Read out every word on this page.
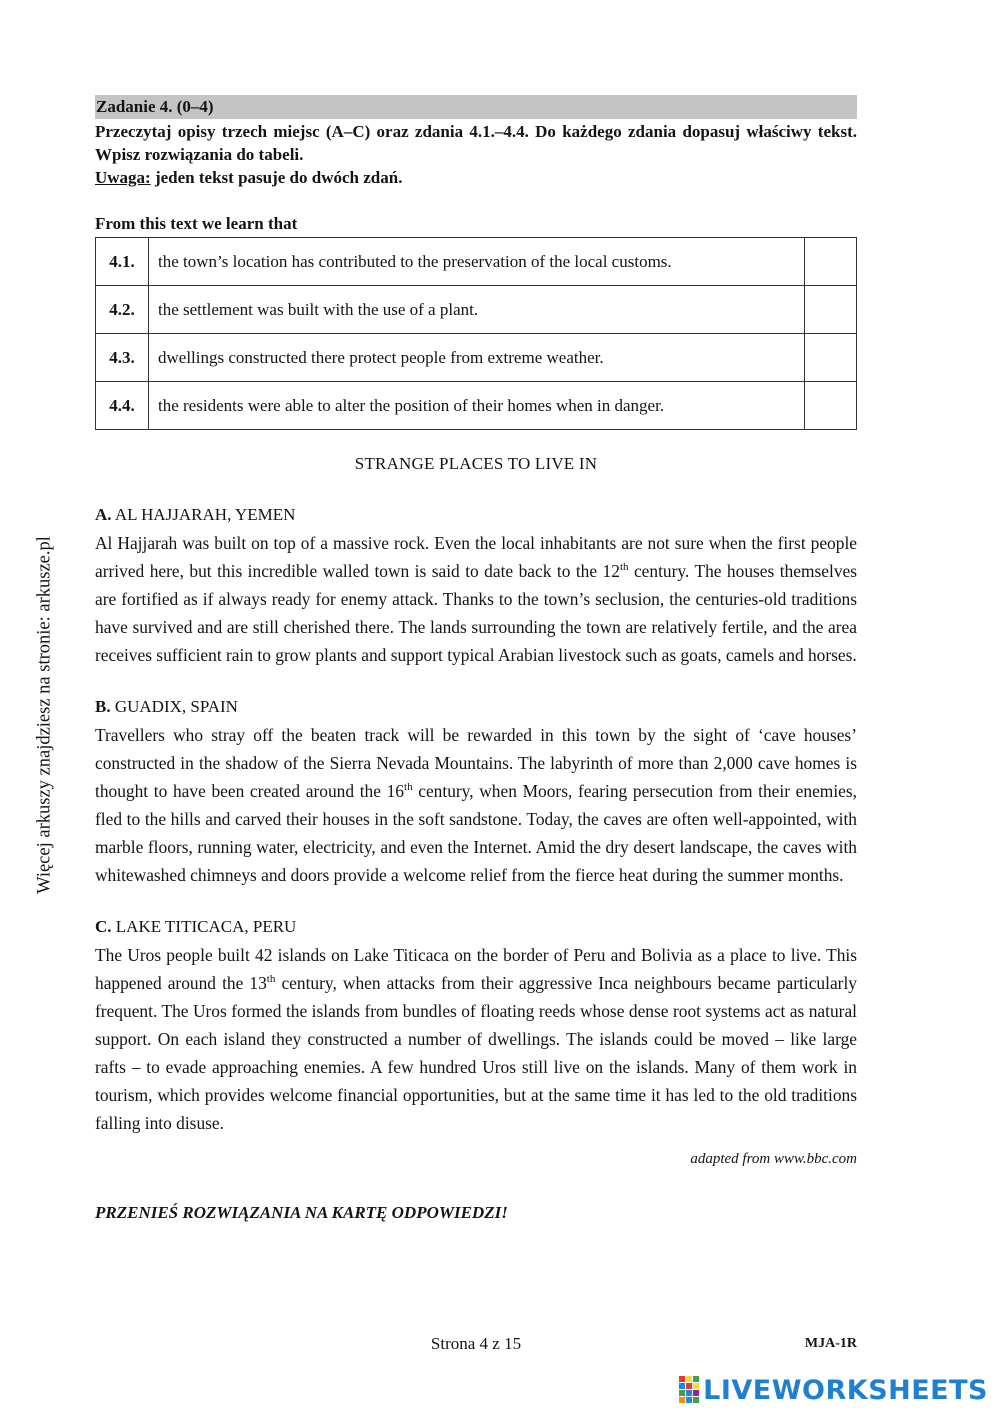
Więcej arkuszy znajdziesz na stronie: arkusze.pl
Zadanie 4. (0–4)
Przeczytaj opisy trzech miejsc (A–C) oraz zdania 4.1.–4.4. Do każdego zdania dopasuj właściwy tekst. Wpisz rozwiązania do tabeli.
Uwaga: jeden tekst pasuje do dwóch zdań.
From this text we learn that
4.1.	the town’s location has contributed to the preservation of the local customs.	
4.2.	the settlement was built with the use of a plant.	
4.3.	dwellings constructed there protect people from extreme weather.	
4.4.	the residents were able to alter the position of their homes when in danger.	
STRANGE PLACES TO LIVE IN
A. AL HAJJARAH, YEMEN
Al Hajjarah was built on top of a massive rock. Even the local inhabitants are not sure when the first people arrived here, but this incredible walled town is said to date back to the 12th century. The houses themselves are fortified as if always ready for enemy attack. Thanks to the town’s seclusion, the centuries-old traditions have survived and are still cherished there. The lands surrounding the town are relatively fertile, and the area receives sufficient rain to grow plants and support typical Arabian livestock such as goats, camels and horses.
B. GUADIX, SPAIN
Travellers who stray off the beaten track will be rewarded in this town by the sight of ‘cave houses’ constructed in the shadow of the Sierra Nevada Mountains. The labyrinth of more than 2,000 cave homes is thought to have been created around the 16th century, when Moors, fearing persecution from their enemies, fled to the hills and carved their houses in the soft sandstone. Today, the caves are often well-appointed, with marble floors, running water, electricity, and even the Internet. Amid the dry desert landscape, the caves with whitewashed chimneys and doors provide a welcome relief from the fierce heat during the summer months.
C. LAKE TITICACA, PERU
The Uros people built 42 islands on Lake Titicaca on the border of Peru and Bolivia as a place to live. This happened around the 13th century, when attacks from their aggressive Inca neighbours became particularly frequent. The Uros formed the islands from bundles of floating reeds whose dense root systems act as natural support. On each island they constructed a number of dwellings. The islands could be moved – like large rafts – to evade approaching enemies. A few hundred Uros still live on the islands. Many of them work in tourism, which provides welcome financial opportunities, but at the same time it has led to the old traditions falling into disuse.
adapted from www.bbc.com
PRZENIEŚ ROZWIĄZANIA NA KARTĘ ODPOWIEDZI!
Strona 4 z 15	MJA-1R
LIVEWORKSHEETS
